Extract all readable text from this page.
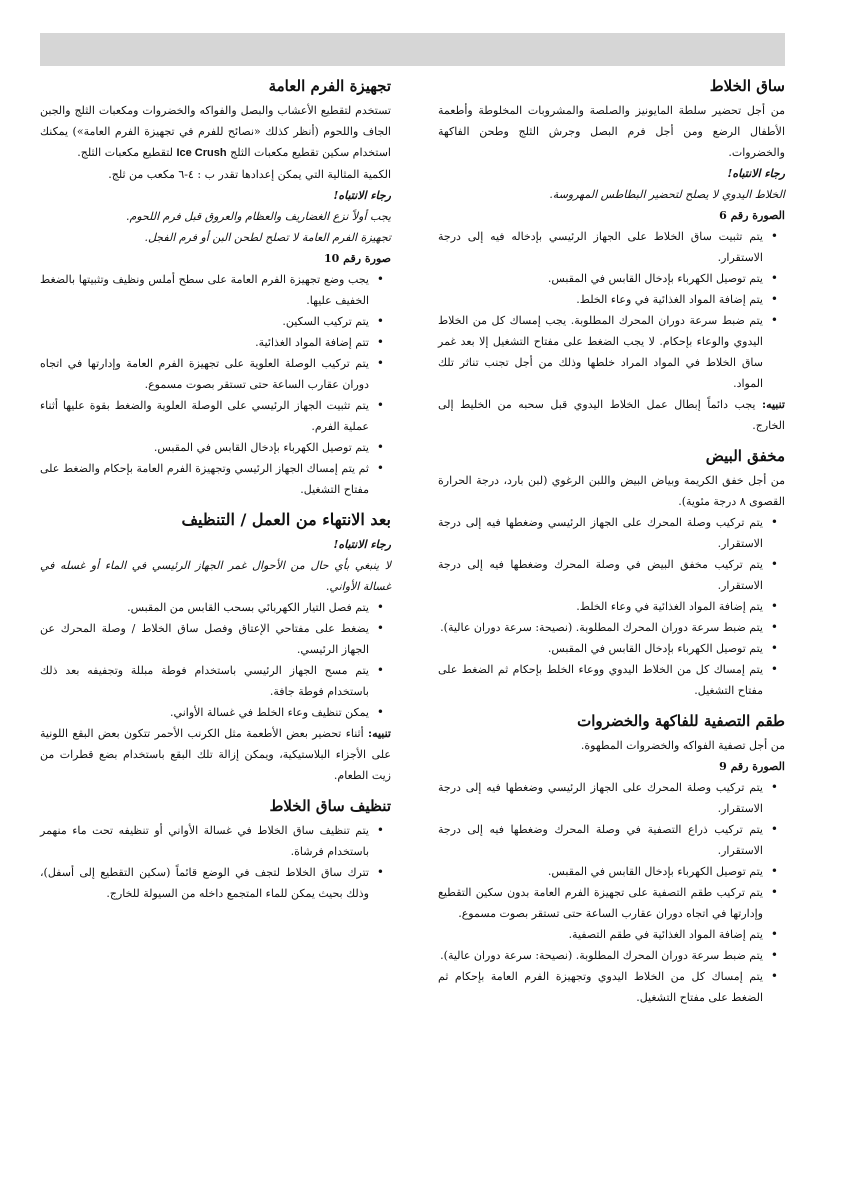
ساق الخلاط

من أجل تحضير سلطة المايونيز والصلصة والمشروبات المخلوطة وأطعمة الأطفال الرضع ومن أجل فرم البصل وجرش الثلج وطحن الفاكهة والخضروات.

رجاء الانتباه!

الخلاط اليدوي لا يصلح لتحضير البطاطس المهروسة.

الصورة رقم 6

• يتم تثبيت ساق الخلاط على الجهاز الرئيسي بإدخاله فيه إلى درجة الاستقرار.
• يتم توصيل الكهرباء بإدخال القابس في المقبس.
• يتم إضافة المواد الغذائية في وعاء الخلط.
• يتم ضبط سرعة دوران المحرك المطلوبة. يجب إمساك كل من الخلاط اليدوي والوعاء بإحكام. لا يجب الضغط على مفتاح التشغيل إلا بعد غمر ساق الخلاط في المواد المراد خلطها وذلك من أجل تجنب تناثر تلك المواد.

تنبيه: يجب دائماً إبطال عمل الخلاط اليدوي قبل سحبه من الخليط إلى الخارج.

مخفق البيض

من أجل خفق الكريمة وبياض البيض واللبن الرغوي (لبن بارد، درجة الحرارة القصوى ٨ درجة مئوية).

• يتم تركيب وصلة المحرك على الجهاز الرئيسي وضغطها فيه إلى درجة الاستقرار.
• يتم تركيب مخفق البيض في وصلة المحرك وضغطها فيه إلى درجة الاستقرار.
• يتم إضافة المواد الغذائية في وعاء الخلط.
• يتم ضبط سرعة دوران المحرك المطلوبة. (نصيحة: سرعة دوران عالية).
• يتم توصيل الكهرباء بإدخال القابس في المقبس.
• يتم إمساك كل من الخلاط اليدوي ووعاء الخلط بإحكام ثم الضغط على مفتاح التشغيل.
طقم التصفية للفاكهة والخضروات

من أجل تصفية الفواكه والخضروات المطهوة.

الصورة رقم 9

• يتم تركيب وصلة المحرك على الجهاز الرئيسي وضغطها فيه إلى درجة الاستقرار.
• يتم تركيب ذراع التصفية في وصلة المحرك وضغطها فيه إلى درجة الاستقرار.
• يتم توصيل الكهرباء بإدخال القابس في المقبس.
• يتم تركيب طقم التصفية على تجهيزة الفرم العامة بدون سكين التقطيع وإدارتها في اتجاه دوران عقارب الساعة حتى تستقر بصوت مسموع.
• يتم إضافة المواد الغذائية في طقم التصفية.
• يتم ضبط سرعة دوران المحرك المطلوبة. (نصيحة: سرعة دوران عالية).
• يتم إمساك كل من الخلاط اليدوي وتجهيزة الفرم العامة بإحكام ثم الضغط على مفتاح التشغيل.
تجهيزة الفرم العامة

تستخدم لتقطيع الأعشاب والبصل والفواكه والخضروات ومكعبات الثلج والجبن الجاف واللحوم (أنظر كذلك «نصائح للفرم في تجهيزة الفرم العامة») يمكنك استخدام سكين تقطيع مكعبات الثلج Ice Crush لتقطيع مكعبات الثلج.

الكمية المثالية التي يمكن إعدادها تقدر ب : ٤-٦ مكعب من ثلج.

رجاء الانتباه!

يجب أولاً نزع الغضاريف والعظام والعروق قبل فرم اللحوم.

تجهيزة الفرم العامة لا تصلح لطحن البن أو فرم الفجل.

صورة رقم 10

• يجب وضع تجهيزة الفرم العامة على سطح أملس ونظيف وتثبيتها بالضغط الخفيف عليها.
• يتم تركيب السكين.
• تتم إضافة المواد الغذائية.
• يتم تركيب الوصلة العلوية على تجهيزة الفرم العامة وإدارتها في اتجاه دوران عقارب الساعة حتى تستقر بصوت مسموع.
• يتم تثبيت الجهاز الرئيسي على الوصلة العلوية والضغط بقوة عليها أثناء عملية الفرم.
• يتم توصيل الكهرباء بإدخال القابس في المقبس.
• ثم يتم إمساك الجهاز الرئيسي وتجهيزة الفرم العامة بإحكام والضغط على مفتاح التشغيل.
بعد الانتهاء من العمل / التنظيف

رجاء الانتباه!

لا ينبغي بأي حال من الأحوال غمر الجهاز الرئيسي في الماء أو غسله في غسالة الأواني.

• يتم فصل التيار الكهربائي بسحب القابس من المقبس.
• يضغط على مفتاحي الإعتاق وفصل ساق الخلاط / وصلة المحرك عن الجهاز الرئيسي.
• يتم مسح الجهاز الرئيسي باستخدام فوطة مبللة وتجفيفه بعد ذلك باستخدام فوطة جافة.
• يمكن تنظيف وعاء الخلط في غسالة الأواني.

تنبيه: أثناء تحضير بعض الأطعمة مثل الكرنب الأحمر تتكون بعض البقع اللونية على الأجزاء البلاستيكية، ويمكن إزالة تلك البقع باستخدام بضع قطرات من زيت الطعام.

تنظيف ساق الخلاط
• يتم تنظيف ساق الخلاط في غسالة الأواني أو تنظيفه تحت ماء منهمر باستخدام فرشاة.
• تترك ساق الخلاط لتجف في الوضع قائماً (سكين التقطيع إلى أسفل)، وذلك بحيث يمكن للماء المتجمع داخله من السيولة للخارج.
